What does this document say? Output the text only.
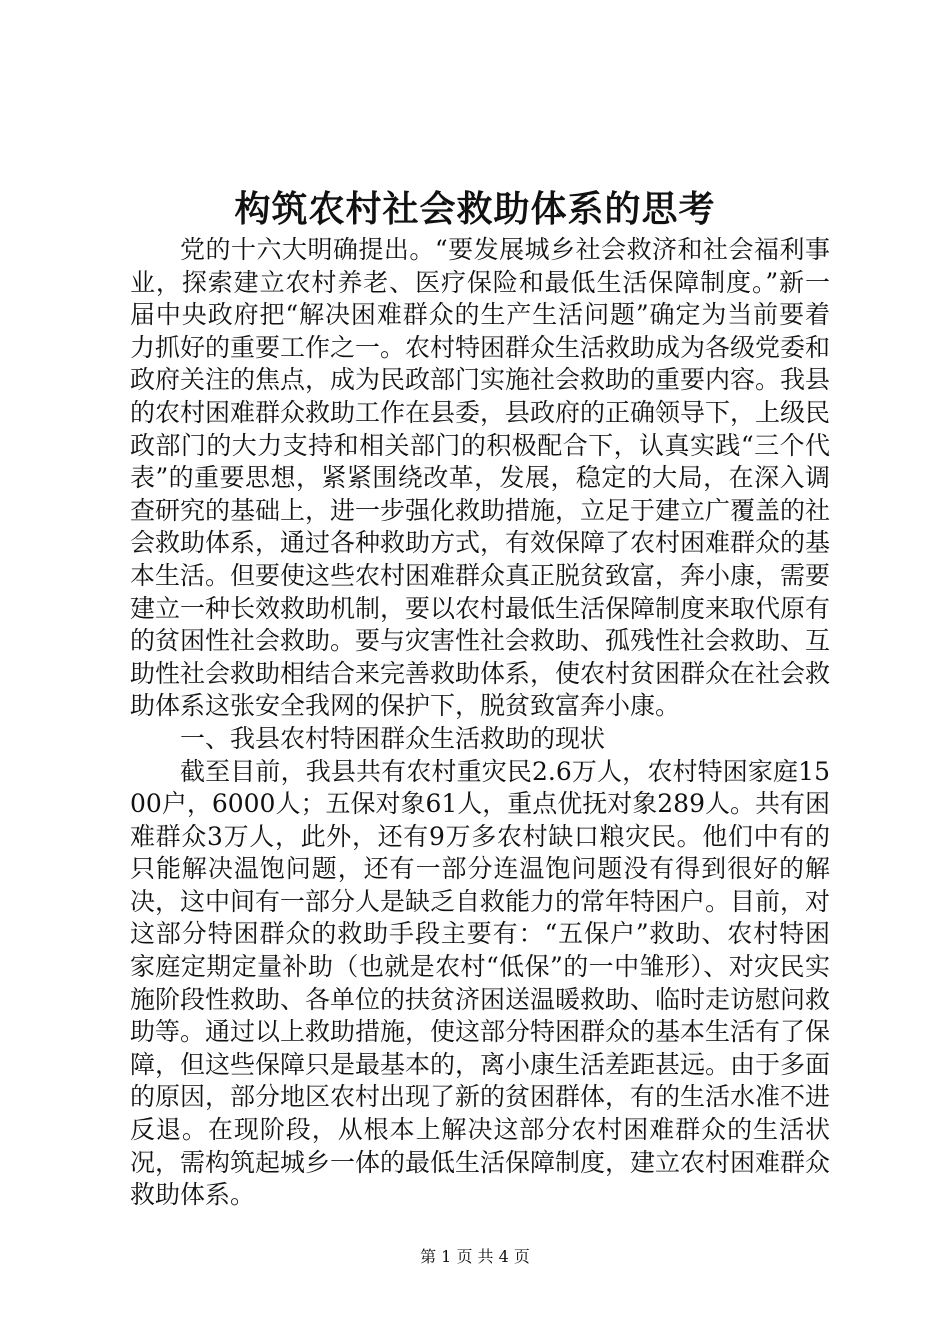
构筑农村社会救助体系的思考

党的十六大明确提出。“要发展城乡社会救济和社会福利事业，探索建立农村养老、医疗保险和最低生活保障制度。”新一届中央政府把“解决困难群众的生产生活问题”确定为当前要着力抓好的重要工作之一。农村特困群众生活救助成为各级党委和政府关注的焦点，成为民政部门实施社会救助的重要内容。我县的农村困难群众救助工作在县委，县政府的正确领导下，上级民政部门的大力支持和相关部门的积极配合下，认真实践“三个代表”的重要思想，紧紧围绕改革，发展，稳定的大局，在深入调查研究的基础上，进一步强化救助措施，立足于建立广覆盖的社会救助体系，通过各种救助方式，有效保障了农村困难群众的基本生活。但要使这些农村困难群众真正脱贫致富，奔小康，需要建立一种长效救助机制，要以农村最低生活保障制度来取代原有的贫困性社会救助。要与灾害性社会救助、孤残性社会救助、互助性社会救助相结合来完善救助体系，使农村贫困群众在社会救助体系这张安全我网的保护下，脱贫致富奔小康。

一、我县农村特困群众生活救助的现状

截至目前，我县共有农村重灾民2.6万人，农村特困家庭1500户，6000人；五保对象61人，重点优抚对象289人。共有困难群众3万人，此外，还有9万多农村缺口粮灾民。他们中有的只能解决温饱问题，还有一部分连温饱问题没有得到很好的解决，这中间有一部分人是缺乏自救能力的常年特困户。目前，对这部分特困群众的救助手段主要有：“五保户”救助、农村特困家庭定期定量补助（也就是农村“低保”的一中雏形）、对灾民实施阶段性救助、各单位的扶贫济困送温暖救助、临时走访慰问救助等。通过以上救助措施，使这部分特困群众的基本生活有了保障，但这些保障只是最基本的，离小康生活差距甚远。由于多面的原因，部分地区农村出现了新的贫困群体，有的生活水准不进反退。在现阶段，从根本上解决这部分农村困难群众的生活状况，需构筑起城乡一体的最低生活保障制度，建立农村困难群众救助体系。

第 1 页 共 4 页
